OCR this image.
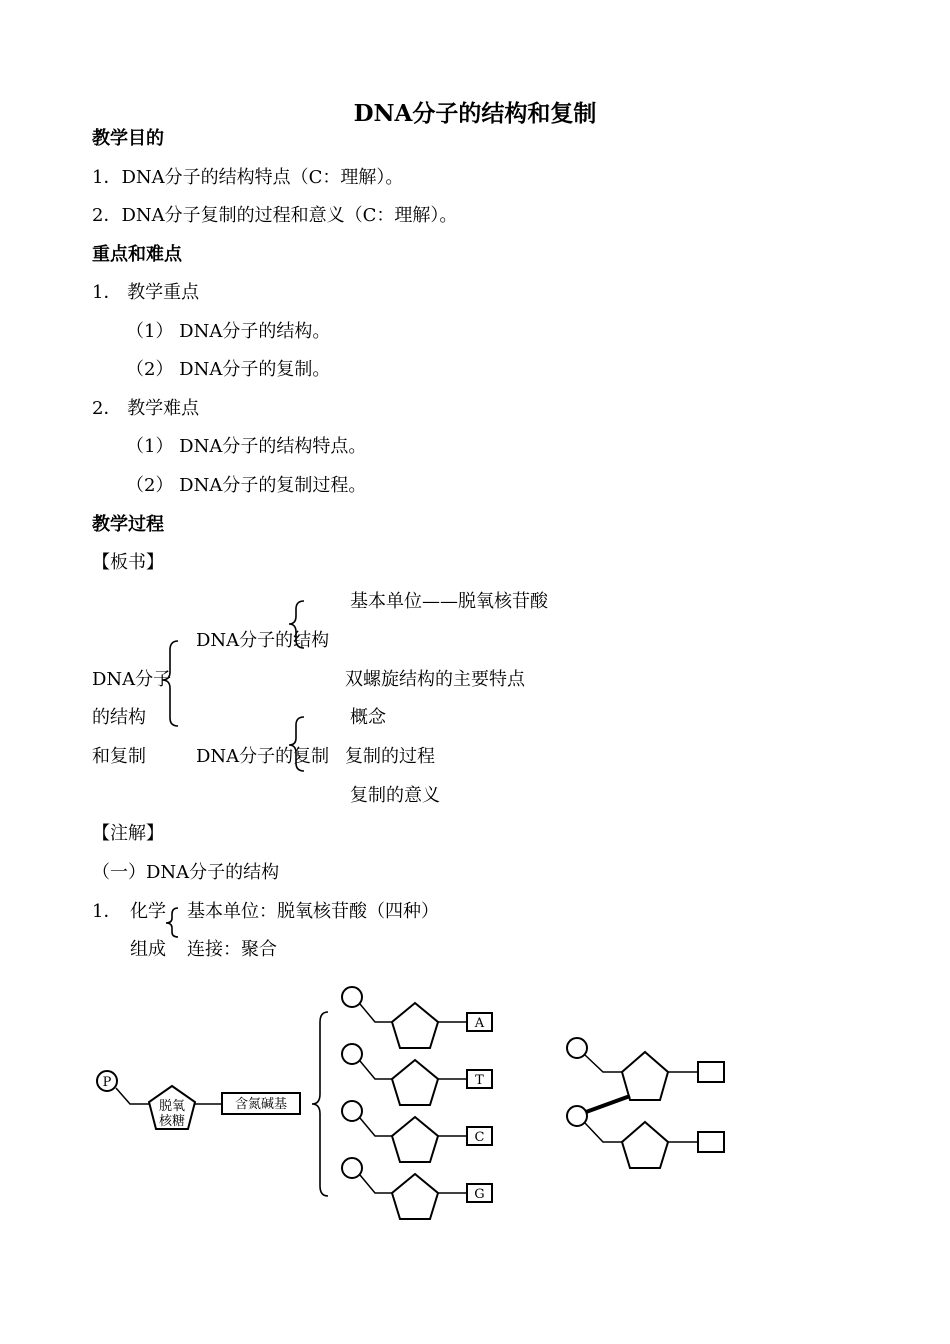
DNA分子的结构和复制
教学目的
1．DNA分子的结构特点（C：理解）。
2．DNA分子复制的过程和意义（C：理解）。
重点和难点
1． 教学重点
（1） DNA分子的结构。
（2） DNA分子的复制。
2． 教学难点
（1） DNA分子的结构特点。
（2） DNA分子的复制过程。
教学过程
【板书】
DNA分子
的结构
和复制
DNA分子的结构
基本单位——脱氧核苷酸
双螺旋结构的主要特点
DNA分子的复制
概念
复制的过程
复制的意义
【注解】
（一）DNA分子的结构
1． 化学
组成
基本单位：脱氧核苷酸（四种）
连接：聚合
P
脱氧
核糖
含氮碱基
A
T
C
G
